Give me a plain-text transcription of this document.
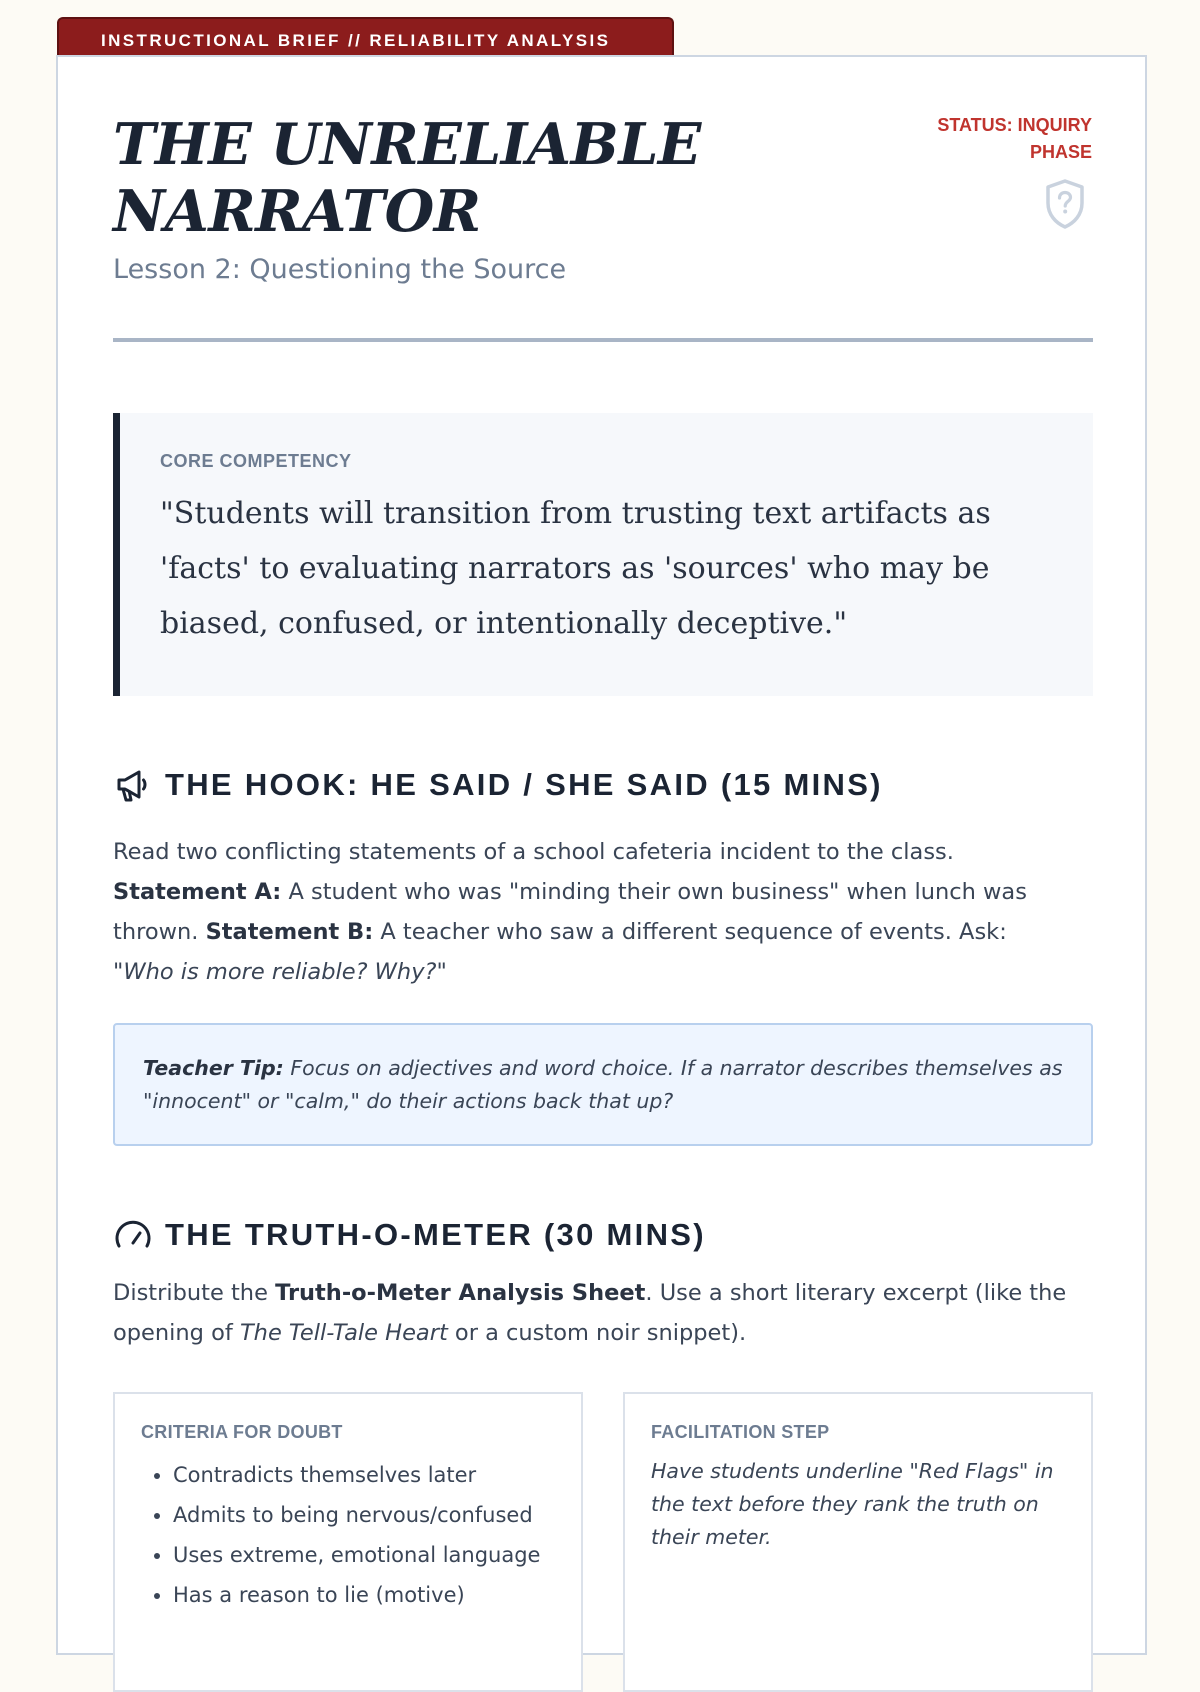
INSTRUCTIONAL BRIEF // RELIABILITY ANALYSIS
THE UNRELIABLE NARRATOR
Lesson 2: Questioning the Source
STATUS: INQUIRY PHASE
CORE COMPETENCY
"Students will transition from trusting text artifacts as 'facts' to evaluating narrators as 'sources' who may be biased, confused, or intentionally deceptive."
THE HOOK: HE SAID / SHE SAID (15 MINS)
Read two conflicting statements of a school cafeteria incident to the class.
Statement A: A student who was "minding their own business" when lunch was thrown. Statement B: A teacher who saw a different sequence of events. Ask:
"Who is more reliable? Why?"
Teacher Tip: Focus on adjectives and word choice. If a narrator describes themselves as "innocent" or "calm," do their actions back that up?
THE TRUTH-O-METER (30 MINS)
Distribute the Truth-o-Meter Analysis Sheet. Use a short literary excerpt (like the opening of The Tell-Tale Heart or a custom noir snippet).
CRITERIA FOR DOUBT
• Contradicts themselves later
• Admits to being nervous/confused
• Uses extreme, emotional language
• Has a reason to lie (motive)
FACILITATION STEP
Have students underline "Red Flags" in the text before they rank the truth on their meter.
